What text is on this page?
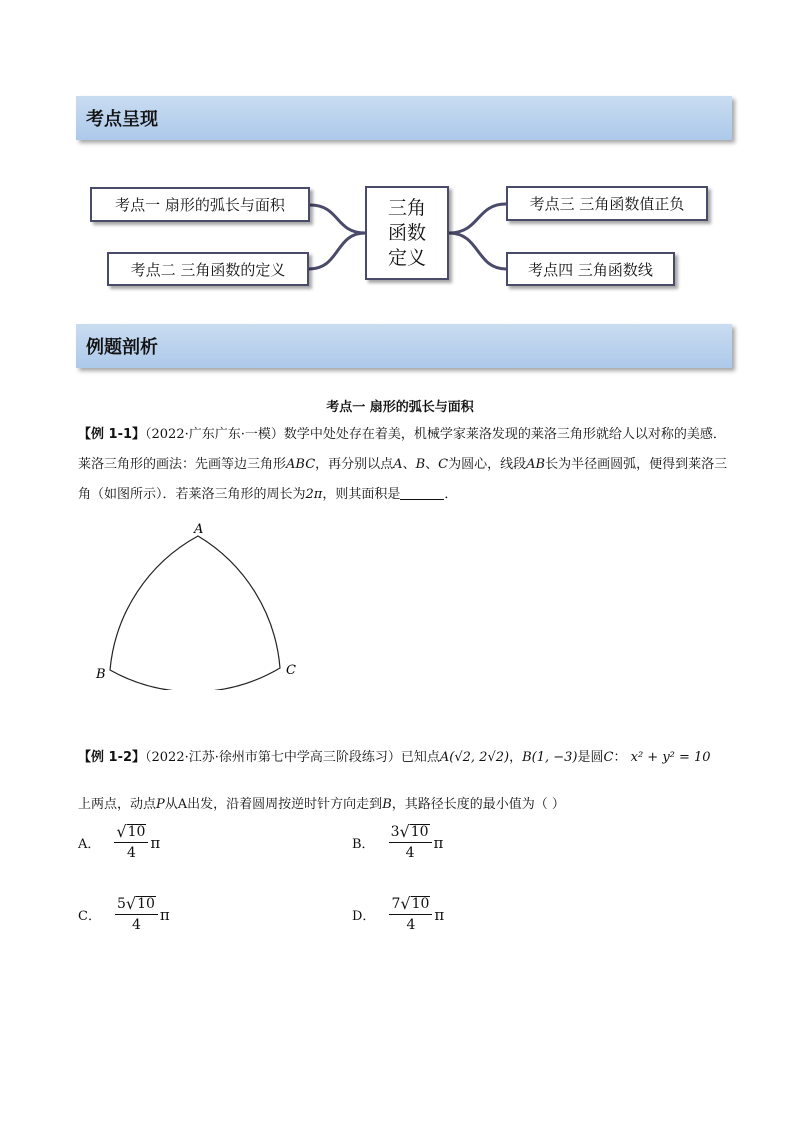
考点呈现
三角
函数
定义
考点一 扇形的弧长与面积
考点二 三角函数的定义
考点三 三角函数值正负
考点四 三角函数线
例题剖析
考点一 扇形的弧长与面积
【例 1-1】（2022·广东广东·一模）数学中处处存在着美，机械学家莱洛发现的莱洛三角形就给人以对称的美感．莱洛三角形的画法：先画等边三角形ABC，再分别以点A、B、C为圆心，线段AB长为半径画圆弧，便得到莱洛三角（如图所示）．若莱洛三角形的周长为2π，则其面积是	．
A
B	C
【例 1-2】（2022·江苏·徐州市第七中学高三阶段练习）已知点A(√2, 2√2)，B(1, −3)是圆C： x² + y² = 10
上两点，动点P从A出发，沿着圆周按逆时针方向走到B，其路径长度的最小值为（ ）
A． $\frac{√ 10}{4}$ π	B． $\frac{3 √ 10}{4}$ π
C． $\frac{5 √ 10}{4}$ π	D． $\frac{7 √ 10}{4}$ π
